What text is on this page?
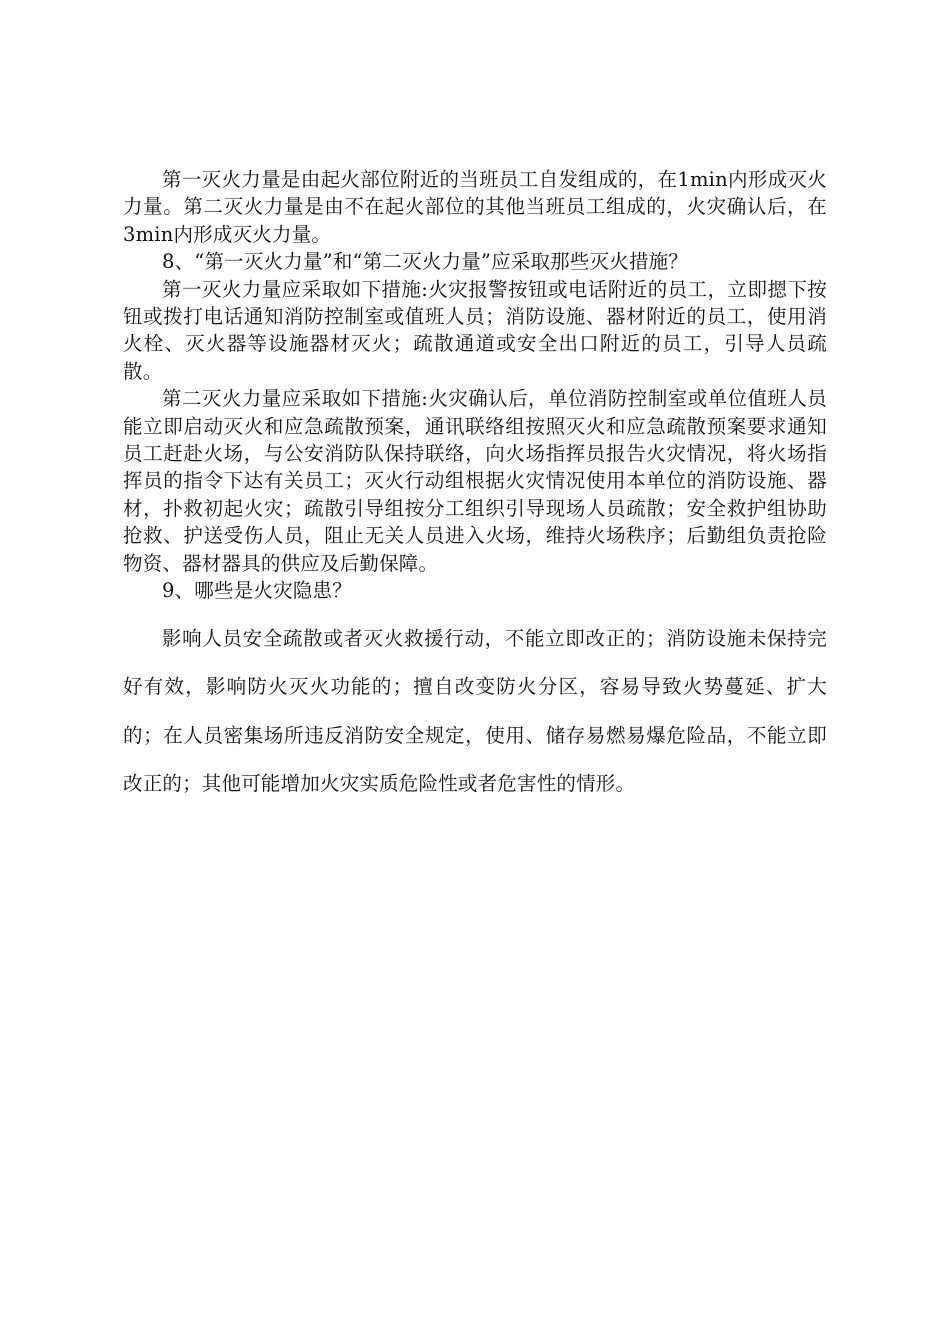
第一灭火力量是由起火部位附近的当班员工自发组成的，在1min内形成灭火力量。第二灭火力量是由不在起火部位的其他当班员工组成的，火灾确认后，在3min内形成灭火力量。

8、“第一灭火力量”和“第二灭火力量”应采取那些灭火措施？

第一灭火力量应采取如下措施:火灾报警按钮或电话附近的员工，立即摁下按钮或拨打电话通知消防控制室或值班人员；消防设施、器材附近的员工，使用消火栓、灭火器等设施器材灭火；疏散通道或安全出口附近的员工，引导人员疏散。

第二灭火力量应采取如下措施:火灾确认后，单位消防控制室或单位值班人员能立即启动灭火和应急疏散预案，通讯联络组按照灭火和应急疏散预案要求通知员工赶赴火场，与公安消防队保持联络，向火场指挥员报告火灾情况，将火场指挥员的指令下达有关员工；灭火行动组根据火灾情况使用本单位的消防设施、器材，扑救初起火灾；疏散引导组按分工组织引导现场人员疏散；安全救护组协助抢救、护送受伤人员，阻止无关人员进入火场，维持火场秩序；后勤组负责抢险物资、器材器具的供应及后勤保障。

9、哪些是火灾隐患？

影响人员安全疏散或者灭火救援行动，不能立即改正的；消防设施未保持完好有效，影响防火灭火功能的；擅自改变防火分区，容易导致火势蔓延、扩大的；在人员密集场所违反消防安全规定，使用、储存易燃易爆危险品，不能立即改正的；其他可能增加火灾实质危险性或者危害性的情形。
